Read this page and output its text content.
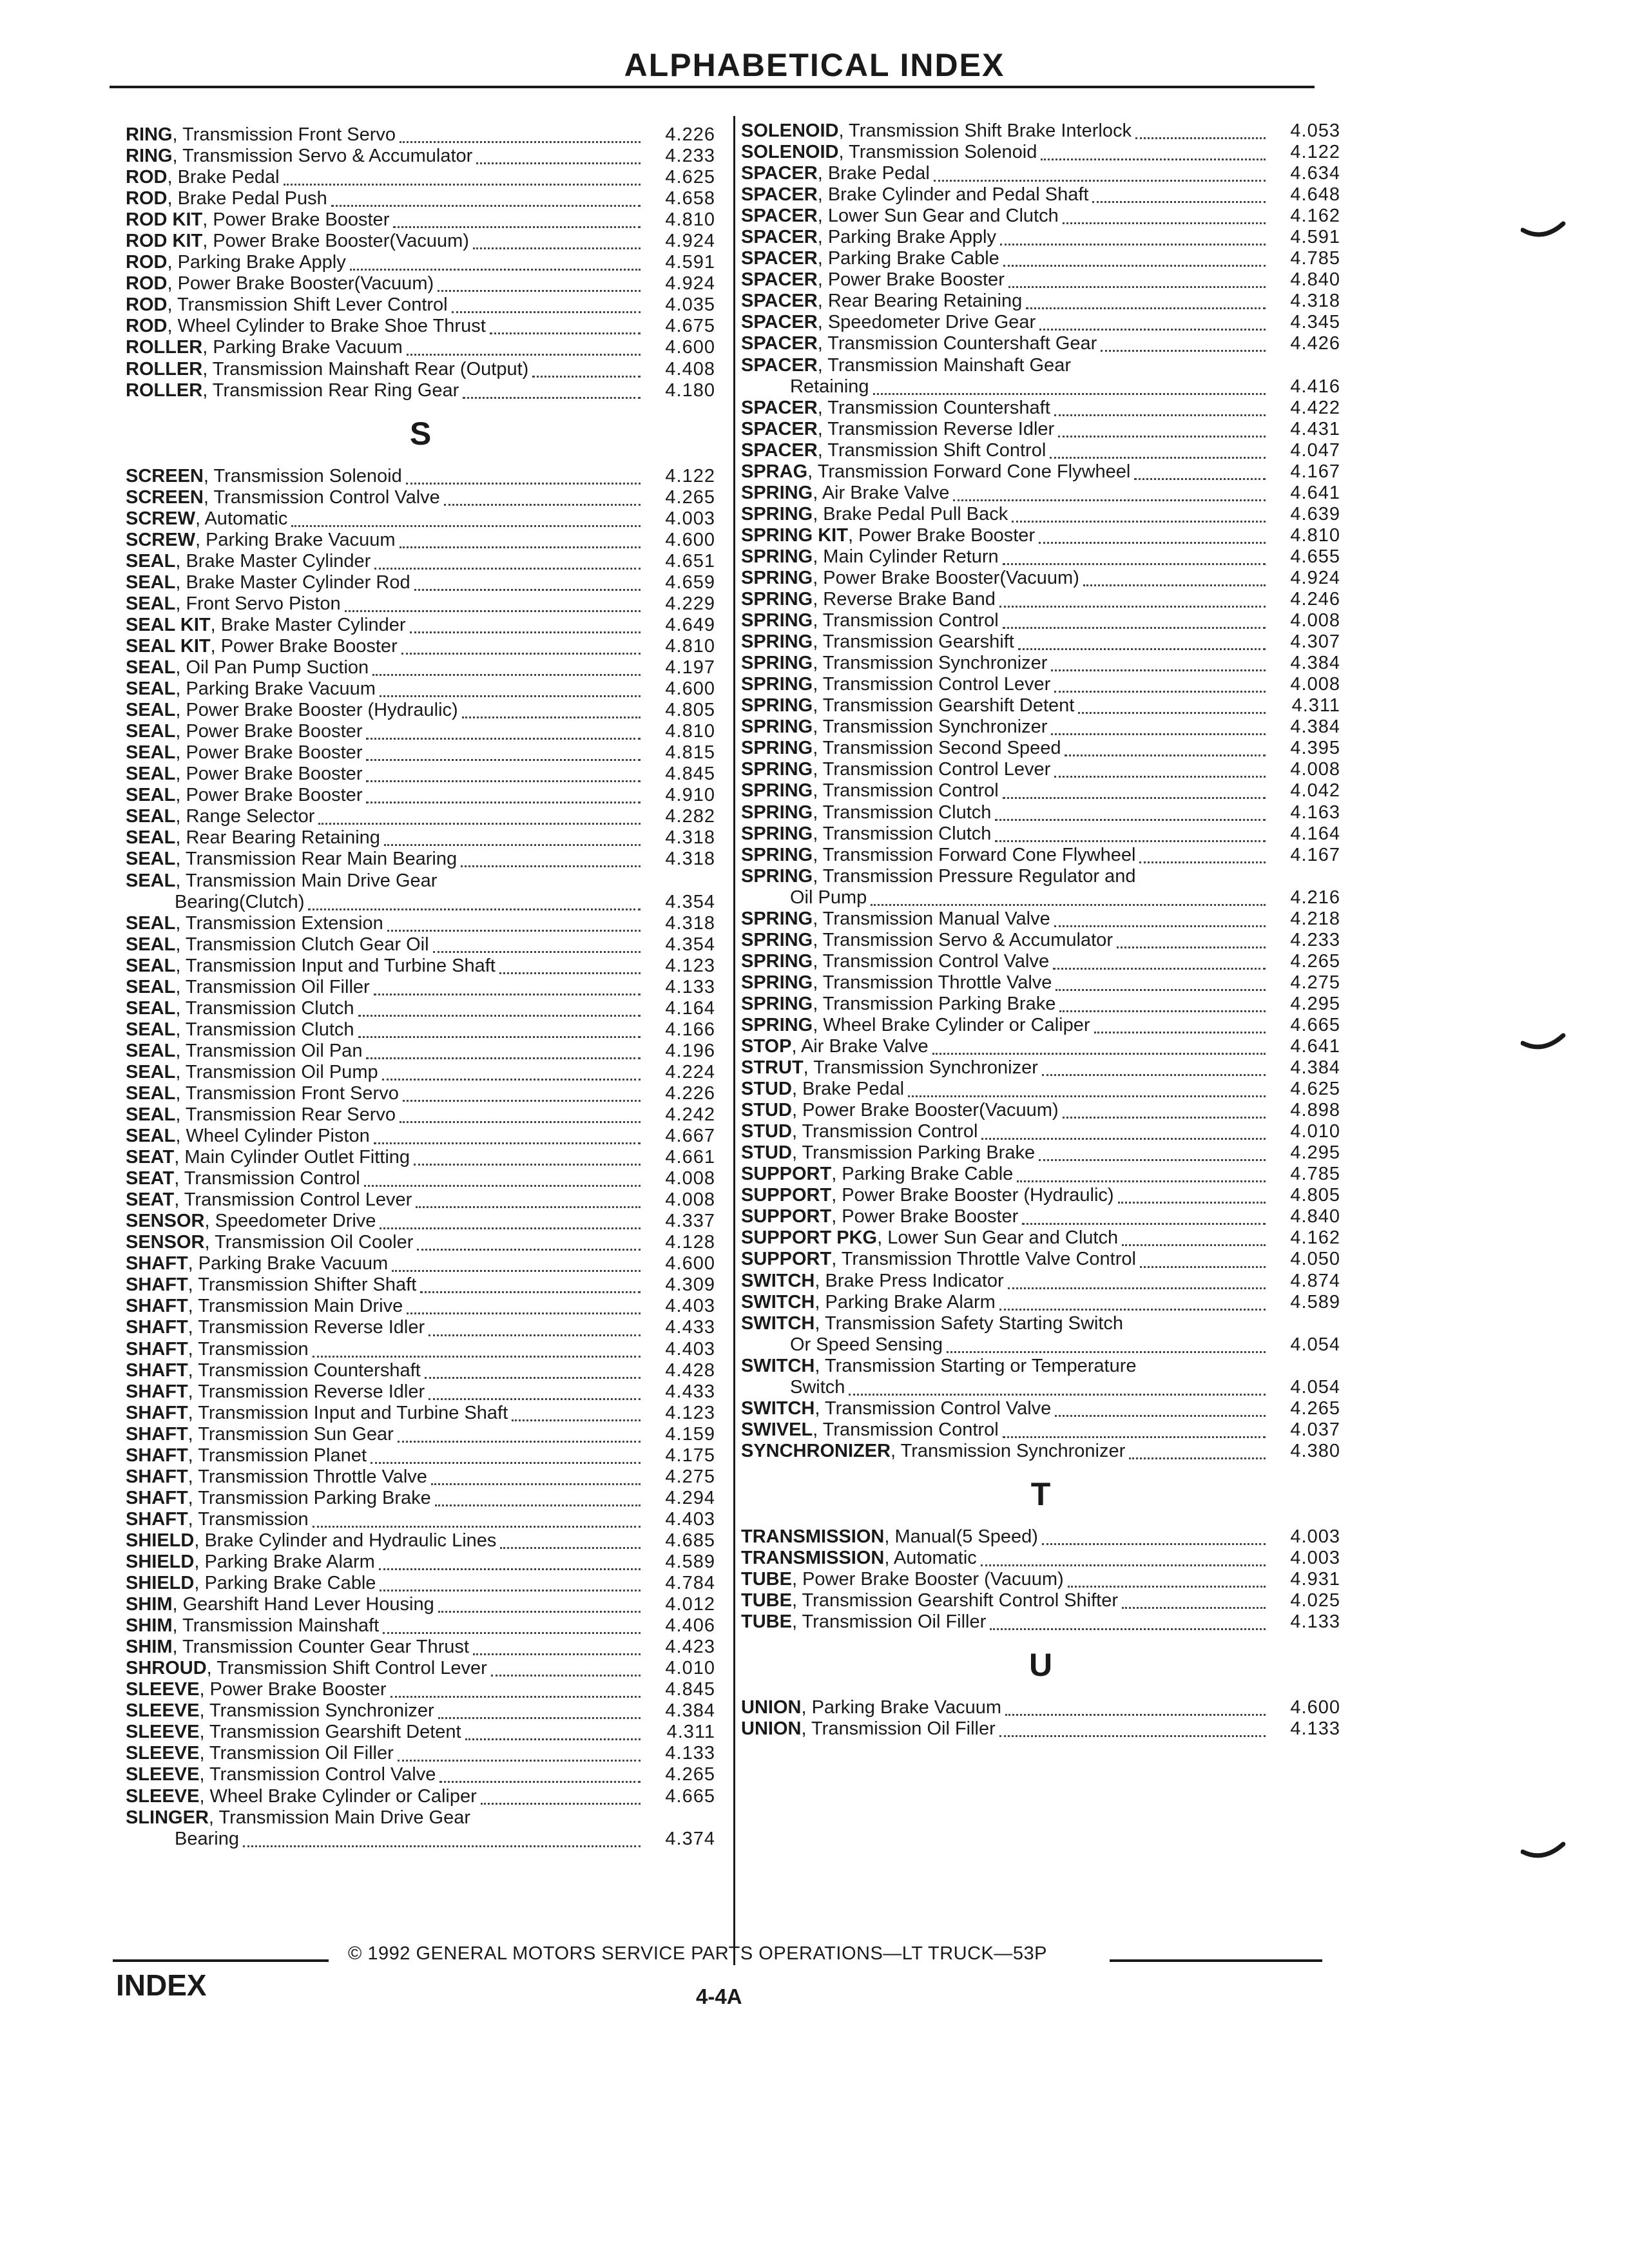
ALPHABETICAL INDEX
RING, Transmission Front Servo	4.226
RING, Transmission Servo & Accumulator	4.233
ROD, Brake Pedal	4.625
ROD, Brake Pedal Push	4.658
ROD KIT, Power Brake Booster	4.810
ROD KIT, Power Brake Booster(Vacuum)	4.924
ROD, Parking Brake Apply	4.591
ROD, Power Brake Booster(Vacuum)	4.924
ROD, Transmission Shift Lever Control	4.035
ROD, Wheel Cylinder to Brake Shoe Thrust	4.675
ROLLER, Parking Brake Vacuum	4.600
ROLLER, Transmission Mainshaft Rear (Output)	4.408
ROLLER, Transmission Rear Ring Gear	4.180
S
SCREEN, Transmission Solenoid	4.122
SCREEN, Transmission Control Valve	4.265
SCREW, Automatic	4.003
SCREW, Parking Brake Vacuum	4.600
SEAL, Brake Master Cylinder	4.651
SEAL, Brake Master Cylinder Rod	4.659
SEAL, Front Servo Piston	4.229
SEAL KIT, Brake Master Cylinder	4.649
SEAL KIT, Power Brake Booster	4.810
SEAL, Oil Pan Pump Suction	4.197
SEAL, Parking Brake Vacuum	4.600
SEAL, Power Brake Booster (Hydraulic)	4.805
SEAL, Power Brake Booster	4.810
SEAL, Power Brake Booster	4.815
SEAL, Power Brake Booster	4.845
SEAL, Power Brake Booster	4.910
SEAL, Range Selector	4.282
SEAL, Rear Bearing Retaining	4.318
SEAL, Transmission Rear Main Bearing	4.318
SEAL, Transmission Main Drive Gear
Bearing(Clutch)	4.354
SEAL, Transmission Extension	4.318
SEAL, Transmission Clutch Gear Oil	4.354
SEAL, Transmission Input and Turbine Shaft	4.123
SEAL, Transmission Oil Filler	4.133
SEAL, Transmission Clutch	4.164
SEAL, Transmission Clutch	4.166
SEAL, Transmission Oil Pan	4.196
SEAL, Transmission Oil Pump	4.224
SEAL, Transmission Front Servo	4.226
SEAL, Transmission Rear Servo	4.242
SEAL, Wheel Cylinder Piston	4.667
SEAT, Main Cylinder Outlet Fitting	4.661
SEAT, Transmission Control	4.008
SEAT, Transmission Control Lever	4.008
SENSOR, Speedometer Drive	4.337
SENSOR, Transmission Oil Cooler	4.128
SHAFT, Parking Brake Vacuum	4.600
SHAFT, Transmission Shifter Shaft	4.309
SHAFT, Transmission Main Drive	4.403
SHAFT, Transmission Reverse Idler	4.433
SHAFT, Transmission	4.403
SHAFT, Transmission Countershaft	4.428
SHAFT, Transmission Reverse Idler	4.433
SHAFT, Transmission Input and Turbine Shaft	4.123
SHAFT, Transmission Sun Gear	4.159
SHAFT, Transmission Planet	4.175
SHAFT, Transmission Throttle Valve	4.275
SHAFT, Transmission Parking Brake	4.294
SHAFT, Transmission	4.403
SHIELD, Brake Cylinder and Hydraulic Lines	4.685
SHIELD, Parking Brake Alarm	4.589
SHIELD, Parking Brake Cable	4.784
SHIM, Gearshift Hand Lever Housing	4.012
SHIM, Transmission Mainshaft	4.406
SHIM, Transmission Counter Gear Thrust	4.423
SHROUD, Transmission Shift Control Lever	4.010
SLEEVE, Power Brake Booster	4.845
SLEEVE, Transmission Synchronizer	4.384
SLEEVE, Transmission Gearshift Detent	4.311
SLEEVE, Transmission Oil Filler	4.133
SLEEVE, Transmission Control Valve	4.265
SLEEVE, Wheel Brake Cylinder or Caliper	4.665
SLINGER, Transmission Main Drive Gear
Bearing	4.374
SOLENOID, Transmission Shift Brake Interlock	4.053
SOLENOID, Transmission Solenoid	4.122
SPACER, Brake Pedal	4.634
SPACER, Brake Cylinder and Pedal Shaft	4.648
SPACER, Lower Sun Gear and Clutch	4.162
SPACER, Parking Brake Apply	4.591
SPACER, Parking Brake Cable	4.785
SPACER, Power Brake Booster	4.840
SPACER, Rear Bearing Retaining	4.318
SPACER, Speedometer Drive Gear	4.345
SPACER, Transmission Countershaft Gear	4.426
SPACER, Transmission Mainshaft Gear
Retaining	4.416
SPACER, Transmission Countershaft	4.422
SPACER, Transmission Reverse Idler	4.431
SPACER, Transmission Shift Control	4.047
SPRAG, Transmission Forward Cone Flywheel	4.167
SPRING, Air Brake Valve	4.641
SPRING, Brake Pedal Pull Back	4.639
SPRING KIT, Power Brake Booster	4.810
SPRING, Main Cylinder Return	4.655
SPRING, Power Brake Booster(Vacuum)	4.924
SPRING, Reverse Brake Band	4.246
SPRING, Transmission Control	4.008
SPRING, Transmission Gearshift	4.307
SPRING, Transmission Synchronizer	4.384
SPRING, Transmission Control Lever	4.008
SPRING, Transmission Gearshift Detent	4.311
SPRING, Transmission Synchronizer	4.384
SPRING, Transmission Second Speed	4.395
SPRING, Transmission Control Lever	4.008
SPRING, Transmission Control	4.042
SPRING, Transmission Clutch	4.163
SPRING, Transmission Clutch	4.164
SPRING, Transmission Forward Cone Flywheel	4.167
SPRING, Transmission Pressure Regulator and
Oil Pump	4.216
SPRING, Transmission Manual Valve	4.218
SPRING, Transmission Servo & Accumulator	4.233
SPRING, Transmission Control Valve	4.265
SPRING, Transmission Throttle Valve	4.275
SPRING, Transmission Parking Brake	4.295
SPRING, Wheel Brake Cylinder or Caliper	4.665
STOP, Air Brake Valve	4.641
STRUT, Transmission Synchronizer	4.384
STUD, Brake Pedal	4.625
STUD, Power Brake Booster(Vacuum)	4.898
STUD, Transmission Control	4.010
STUD, Transmission Parking Brake	4.295
SUPPORT, Parking Brake Cable	4.785
SUPPORT, Power Brake Booster (Hydraulic)	4.805
SUPPORT, Power Brake Booster	4.840
SUPPORT PKG, Lower Sun Gear and Clutch	4.162
SUPPORT, Transmission Throttle Valve Control	4.050
SWITCH, Brake Press Indicator	4.874
SWITCH, Parking Brake Alarm	4.589
SWITCH, Transmission Safety Starting Switch
Or Speed Sensing	4.054
SWITCH, Transmission Starting or Temperature
Switch	4.054
SWITCH, Transmission Control Valve	4.265
SWIVEL, Transmission Control	4.037
SYNCHRONIZER, Transmission Synchronizer	4.380
T
TRANSMISSION, Manual(5 Speed)	4.003
TRANSMISSION, Automatic	4.003
TUBE, Power Brake Booster (Vacuum)	4.931
TUBE, Transmission Gearshift Control Shifter	4.025
TUBE, Transmission Oil Filler	4.133
U
UNION, Parking Brake Vacuum	4.600
UNION, Transmission Oil Filler	4.133
© 1992 GENERAL MOTORS SERVICE PARTS OPERATIONS—LT TRUCK—53P
INDEX	4-4A
